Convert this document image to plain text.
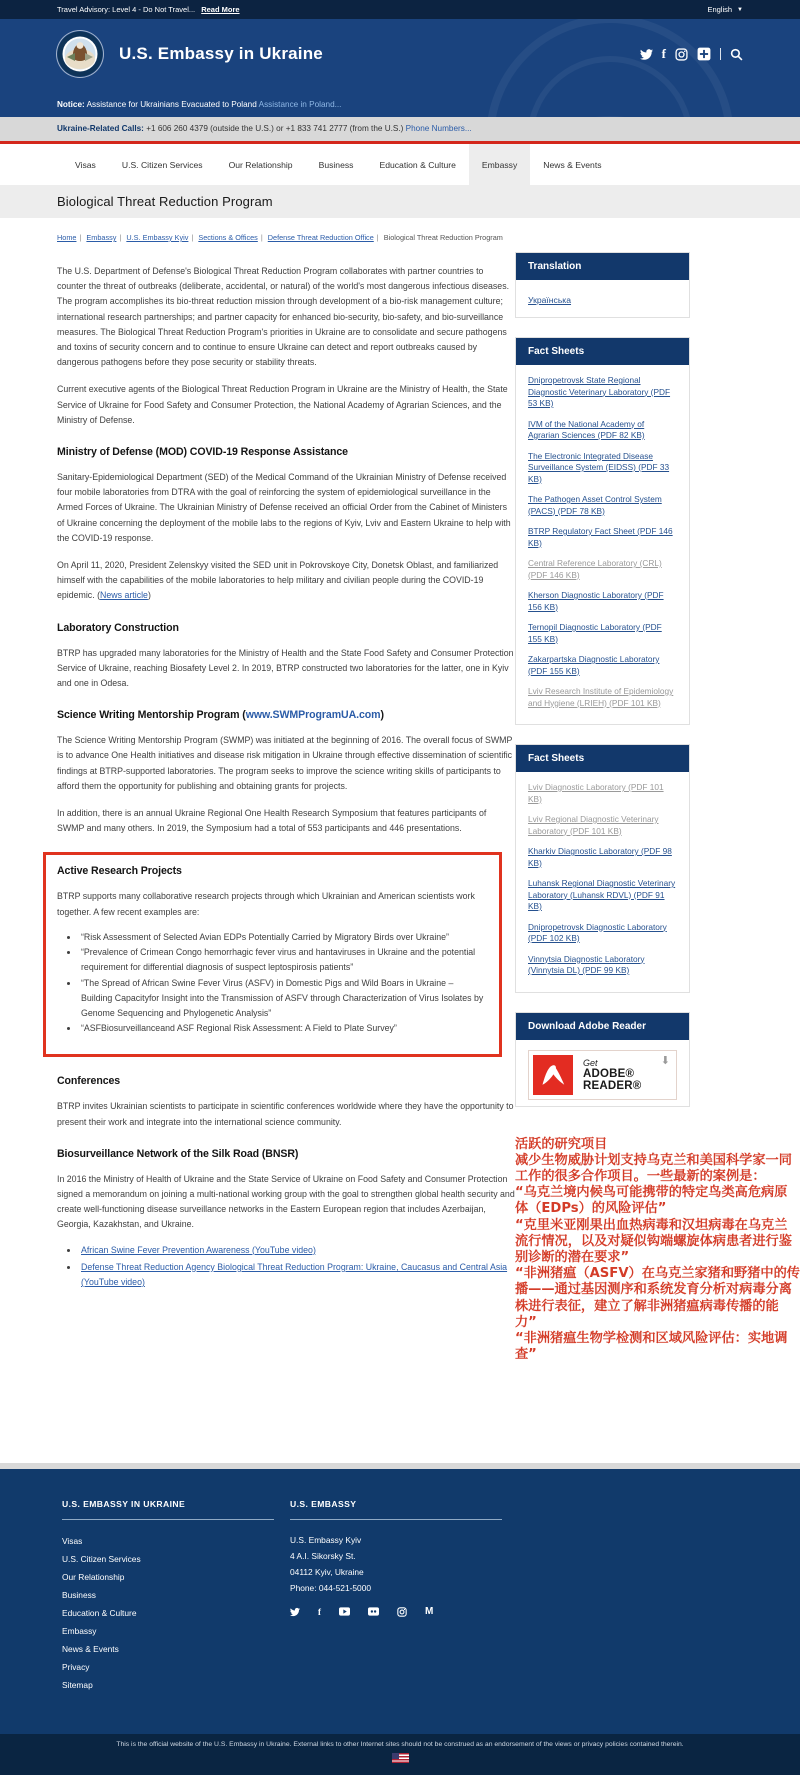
Travel Advisory: Level 4 - Do Not Travel... Read More	English ▼
U.S. Embassy in Ukraine	f
Notice: Assistance for Ukrainians Evacuated to Poland Assistance in Poland...
Ukraine-Related Calls: +1 606 260 4379 (outside the U.S.) or +1 833 741 2777 (from the U.S.) Phone Numbers...
Visas	U.S. Citizen Services	Our Relationship	Business	Education & Culture	Embassy	News & Events
Biological Threat Reduction Program
Home | Embassy | U.S. Embassy Kyiv | Sections & Offices | Defense Threat Reduction Office | Biological Threat Reduction Program

The U.S. Department of Defense's Biological Threat Reduction Program collaborates with partner countries to counter the threat of outbreaks (deliberate, accidental, or natural) of the world's most dangerous infectious diseases. The program accomplishes its bio-threat reduction mission through development of a bio-risk management culture; international research partnerships; and partner capacity for enhanced bio-security, bio-safety, and bio-surveillance measures. The Biological Threat Reduction Program's priorities in Ukraine are to consolidate and secure pathogens and toxins of security concern and to continue to ensure Ukraine can detect and report outbreaks caused by dangerous pathogens before they pose security or stability threats.

Current executive agents of the Biological Threat Reduction Program in Ukraine are the Ministry of Health, the State Service of Ukraine for Food Safety and Consumer Protection, the National Academy of Agrarian Sciences, and the Ministry of Defense.

Ministry of Defense (MOD) COVID-19 Response Assistance

Sanitary-Epidemiological Department (SED) of the Medical Command of the Ukrainian Ministry of Defense received four mobile laboratories from DTRA with the goal of reinforcing the system of epidemiological surveillance in the Armed Forces of Ukraine. The Ukrainian Ministry of Defense received an official Order from the Cabinet of Ministers of Ukraine concerning the deployment of the mobile labs to the regions of Kyiv, Lviv and Eastern Ukraine to help with the COVID-19 response.

On April 11, 2020, President Zelenskyy visited the SED unit in Pokrovskoye City, Donetsk Oblast, and familiarized himself with the capabilities of the mobile laboratories to help military and civilian people during the COVID-19 epidemic. (News article)

Laboratory Construction

BTRP has upgraded many laboratories for the Ministry of Health and the State Food Safety and Consumer Protection Service of Ukraine, reaching Biosafety Level 2. In 2019, BTRP constructed two laboratories for the latter, one in Kyiv and one in Odesa.

Science Writing Mentorship Program (www.SWMProgramUA.com)

The Science Writing Mentorship Program (SWMP) was initiated at the beginning of 2016. The overall focus of SWMP is to advance One Health initiatives and disease risk mitigation in Ukraine through effective dissemination of scientific findings at BTRP-supported laboratories. The program seeks to improve the science writing skills of participants to afford them the opportunity for publishing and obtaining grants for projects.

In addition, there is an annual Ukraine Regional One Health Research Symposium that features participants of SWMP and many others. In 2019, the Symposium had a total of 553 participants and 446 presentations.

Active Research Projects

BTRP supports many collaborative research projects through which Ukrainian and American scientists work together. A few recent examples are:

• “Risk Assessment of Selected Avian EDPs Potentially Carried by Migratory Birds over Ukraine”
• “Prevalence of Crimean Congo hemorrhagic fever virus and hantaviruses in Ukraine and the potential requirement for differential diagnosis of suspect leptospirosis patients”
• “The Spread of African Swine Fever Virus (ASFV) in Domestic Pigs and Wild Boars in Ukraine – Building Capacityfor Insight into the Transmission of ASFV through Characterization of Virus Isolates by Genome Sequencing and Phylogenetic Analysis”
• “ASFBiosurveillanceand ASF Regional Risk Assessment: A Field to Plate Survey”
Conferences

BTRP invites Ukrainian scientists to participate in scientific conferences worldwide where they have the opportunity to present their work and integrate into the international science community.

Biosurveillance Network of the Silk Road (BNSR)

In 2016 the Ministry of Health of Ukraine and the State Service of Ukraine on Food Safety and Consumer Protection signed a memorandum on joining a multi-national working group with the goal to strengthen global health security and create well-functioning disease surveillance networks in the Eastern European region that includes Azerbaijan, Georgia, Kazakhstan, and Ukraine.

• African Swine Fever Prevention Awareness (YouTube video)
• Defense Threat Reduction Agency Biological Threat Reduction Program: Ukraine, Caucasus and Central Asia (YouTube video)
Translation
Українська
Fact Sheets
Dnipropetrovsk State Regional Diagnostic Veterinary Laboratory (PDF 53 KB)
IVM of the National Academy of Agrarian Sciences (PDF 82 KB)
The Electronic Integrated Disease Surveillance System (EIDSS) (PDF 33 KB)
The Pathogen Asset Control System (PACS) (PDF 78 KB)
BTRP Regulatory Fact Sheet (PDF 146 KB)
Central Reference Laboratory (CRL) (PDF 146 KB)
Kherson Diagnostic Laboratory (PDF 156 KB)
Ternopil Diagnostic Laboratory (PDF 155 KB)
Zakarpartska Diagnostic Laboratory (PDF 155 KB)
Lviv Research Institute of Epidemiology and Hygiene (LRIEH) (PDF 101 KB)
Fact Sheets
Lviv Diagnostic Laboratory (PDF 101 KB)
Lviv Regional Diagnostic Veterinary Laboratory (PDF 101 KB)
Kharkiv Diagnostic Laboratory (PDF 98 KB)
Luhansk Regional Diagnostic Veterinary Laboratory (Luhansk RDVL) (PDF 91 KB)
Dnipropetrovsk Diagnostic Laboratory (PDF 102 KB)
Vinnytsia Diagnostic Laboratory (Vinnytsia DL) (PDF 99 KB)
Download Adobe Reader
Get
ADOBE® READER®
⬇
活跃的研究项目
减少生物威胁计划支持乌克兰和美国科学家一同工作的很多合作项目。一些最新的案例是：
“乌克兰境内候鸟可能携带的特定鸟类高危病原体（EDPs）的风险评估”
“克里米亚刚果出血热病毒和汉坦病毒在乌克兰流行情况，以及对疑似钩端螺旋体病患者进行鉴别诊断的潜在要求”
“非洲猪瘟（ASFV）在乌克兰家猪和野猪中的传播——通过基因测序和系统发育分析对病毒分离株进行表征，建立了解非洲猪瘟病毒传播的能力”
“非洲猪瘟生物学检测和区域风险评估：实地调查”
U.S. EMBASSY IN UKRAINE
Visas
U.S. Citizen Services
Our Relationship
Business
Education & Culture
Embassy
News & Events
Privacy
Sitemap
U.S. EMBASSY
U.S. Embassy Kyiv
4 A.I. Sikorsky St.
04112 Kyiv, Ukraine
Phone: 044-521-5000
f	M
This is the official website of the U.S. Embassy in Ukraine. External links to other Internet sites should not be construed as an endorsement of the views or privacy policies contained therein.
